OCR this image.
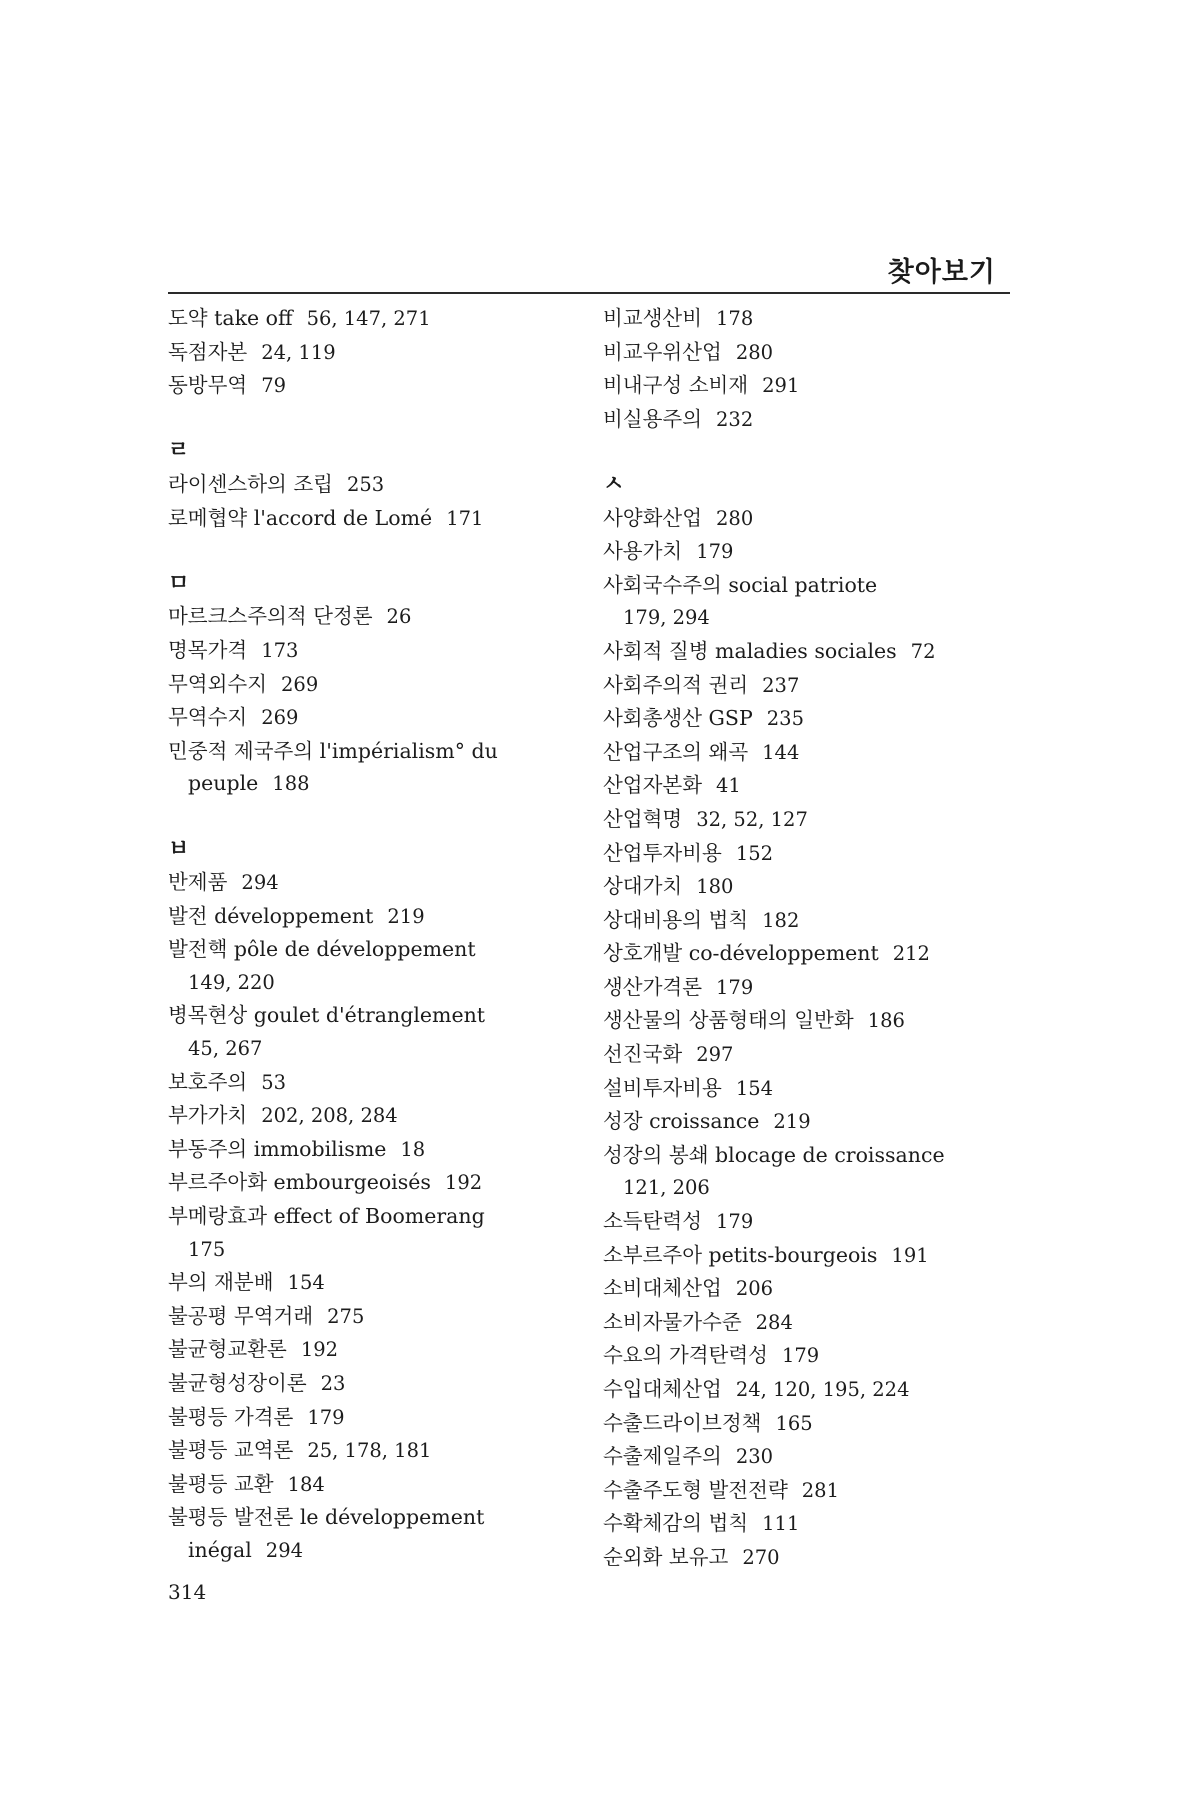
찾아보기
도약 take off 56, 147, 271
독점자본 24, 119
동방무역 79
ㄹ
라이센스하의 조립 253
로메협약 l'accord de Lomé 171
ㅁ
마르크스주의적 단정론 26
명목가격 173
무역외수지 269
무역수지 269
민중적 제국주의 l'impérialism° du
peuple 188
ㅂ
반제품 294
발전 développement 219
발전핵 pôle de développement
149, 220
병목현상 goulet d'étranglement
45, 267
보호주의 53
부가가치 202, 208, 284
부동주의 immobilisme 18
부르주아화 embourgeoisés 192
부메랑효과 effect of Boomerang
175
부의 재분배 154
불공평 무역거래 275
불균형교환론 192
불균형성장이론 23
불평등 가격론 179
불평등 교역론 25, 178, 181
불평등 교환 184
불평등 발전론 le développement
inégal 294
비교생산비 178
비교우위산업 280
비내구성 소비재 291
비실용주의 232
ㅅ
사양화산업 280
사용가치 179
사회국수주의 social patriote
179, 294
사회적 질병 maladies sociales 72
사회주의적 권리 237
사회총생산 GSP 235
산업구조의 왜곡 144
산업자본화 41
산업혁명 32, 52, 127
산업투자비용 152
상대가치 180
상대비용의 법칙 182
상호개발 co-développement 212
생산가격론 179
생산물의 상품형태의 일반화 186
선진국화 297
설비투자비용 154
성장 croissance 219
성장의 봉쇄 blocage de croissance
121, 206
소득탄력성 179
소부르주아 petits-bourgeois 191
소비대체산업 206
소비자물가수준 284
수요의 가격탄력성 179
수입대체산업 24, 120, 195, 224
수출드라이브정책 165
수출제일주의 230
수출주도형 발전전략 281
수확체감의 법칙 111
순외화 보유고 270
314
